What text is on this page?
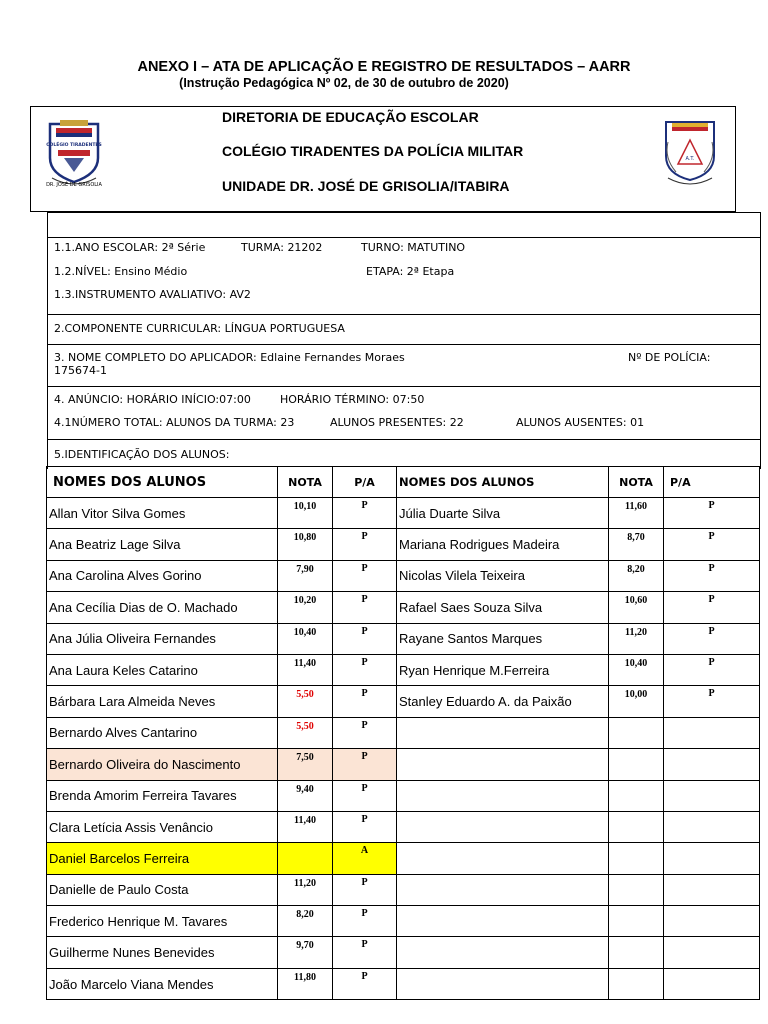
ANEXO I – ATA DE APLICAÇÃO E REGISTRO DE RESULTADOS – AARR
(Instrução Pedagógica Nº 02, de 30 de outubro de 2020)
DIRETORIA DE EDUCAÇÃO ESCOLAR
COLÉGIO TIRADENTES DA POLÍCIA MILITAR
UNIDADE DR. JOSÉ DE GRISOLIA/ITABIRA
COLÉGIO TIRADENTES
DR. JOSÉ DE GRISOLIA
A.T.
1.1.ANO ESCOLAR: 2ª Série	TURMA: 21202	TURNO: MATUTINO
1.2.NÍVEL: Ensino Médio	ETAPA: 2ª Etapa
1.3.INSTRUMENTO AVALIATIVO: AV2
2.COMPONENTE CURRICULAR: LÍNGUA PORTUGUESA
3. NOME COMPLETO DO APLICADOR: Edlaine Fernandes Moraes	Nº DE POLÍCIA:
175674-1
4. ANÚNCIO: HORÁRIO INÍCIO:07:00	HORÁRIO TÉRMINO: 07:50
4.1NÚMERO TOTAL: ALUNOS DA TURMA: 23	ALUNOS PRESENTES: 22	ALUNOS AUSENTES: 01
5.IDENTIFICAÇÃO DOS ALUNOS:
NOMES DOS ALUNOS	NOTA	P/A	NOMES DOS ALUNOS	NOTA	P/A
Allan Vitor Silva Gomes	10,10	P	Júlia Duarte Silva	11,60	P
Ana Beatriz Lage Silva	10,80	P	Mariana Rodrigues Madeira	8,70	P
Ana Carolina Alves Gorino	7,90	P	Nicolas Vilela Teixeira	8,20	P
Ana Cecília Dias de O. Machado	10,20	P	Rafael Saes Souza Silva	10,60	P
Ana Júlia Oliveira Fernandes	10,40	P	Rayane Santos Marques	11,20	P
Ana Laura Keles Catarino	11,40	P	Ryan Henrique M.Ferreira	10,40	P
Bárbara Lara Almeida Neves	5,50	P	Stanley Eduardo A. da Paixão	10,00	P
Bernardo Alves Cantarino	5,50	P			
Bernardo Oliveira do Nascimento	7,50	P			
Brenda Amorim Ferreira Tavares	9,40	P			
Clara Letícia Assis Venâncio	11,40	P			
Daniel Barcelos Ferreira		A			
Danielle de Paulo Costa	11,20	P			
Frederico Henrique M. Tavares	8,20	P			
Guilherme Nunes Benevides	9,70	P			
João Marcelo Viana Mendes	11,80	P			
